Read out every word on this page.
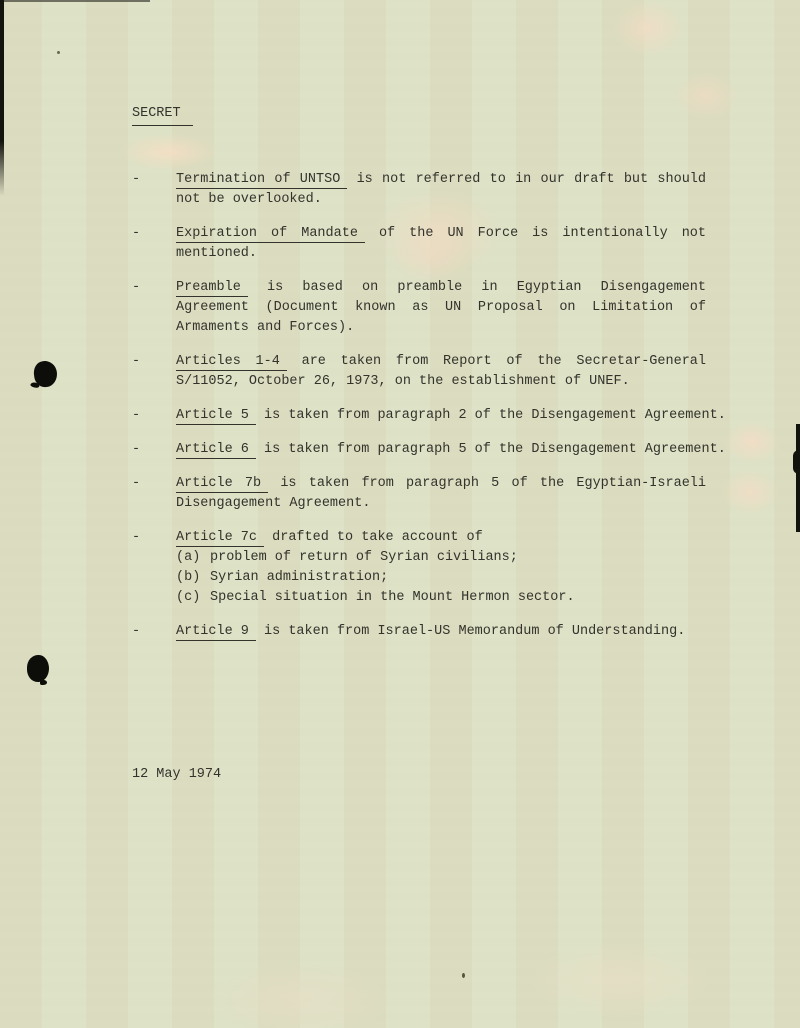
SECRET
-	Termination of UNTSO is not referred to in our draft but should not be overlooked.

-	Expiration of Mandate of the UN Force is intentionally not mentioned.

-	Preamble is based on preamble in Egyptian Disengagement Agreement (Document known as UN Proposal on Limitation of Armaments and Forces).

-	Articles 1-4 are taken from Report of the Secretar-General S/11052, October 26, 1973, on the establishment of UNEF.

-	Article 5 is taken from paragraph 2 of the Disengagement Agreement.

-	Article 6 is taken from paragraph 5 of the Disengagement Agreement.

-	Article 7b is taken from paragraph 5 of the Egyptian-Israeli Disengagement Agreement.

-	Article 7c drafted to take account of

(a) problem of return of Syrian civilians;
(b) Syrian administration;
(c) Special situation in the Mount Hermon sector.
-	Article 9 is taken from Israel-US Memorandum of Understanding.

12 May 1974
